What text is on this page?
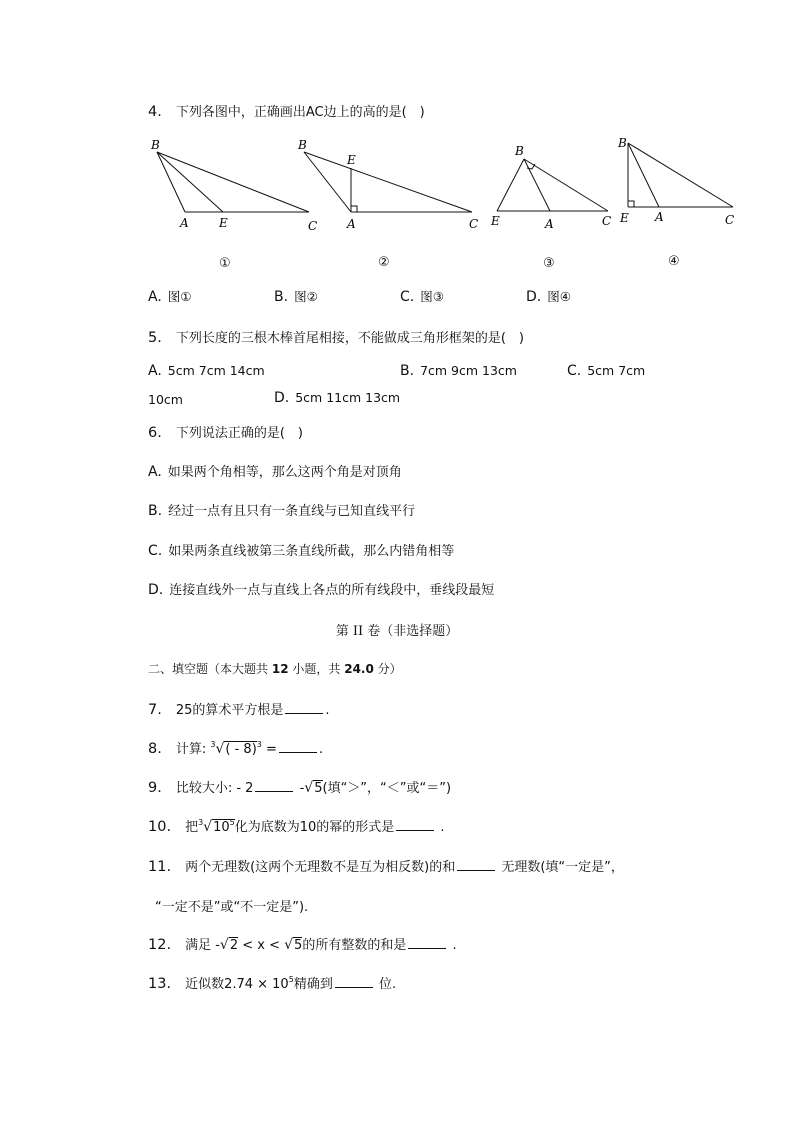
4. 下列各图中，正确画出AC边上的高的是(　)
B
A	E	C
B
E
A	C
B
E	A	C
B
E A	C
①	②	③	④
A. 图①	B. 图②	C. 图③	D. 图④
5. 下列长度的三根木棒首尾相接，不能做成三角形框架的是(　)
A. 5cm 7cm 14cm	B. 7cm 9cm 13cm	C. 5cm 7cm
10cm	D. 5cm 11cm 13cm
6. 下列说法正确的是(　)
A. 如果两个角相等，那么这两个角是对顶角
B. 经过一点有且只有一条直线与已知直线平行
C. 如果两条直线被第三条直线所截，那么内错角相等
D. 连接直线外一点与直线上各点的所有线段中，垂线段最短
第 II 卷（非选择题）
二、填空题（本大题共 12 小题，共 24.0 分）
7. 25的算术平方根是	.
8. 计算: $^3$√( - 8)$^3$ =	.
9. 比较大小: - 2	-√5(填“＞”，“＜”或“＝”)
10. 把$^3√10^5$化为底数为10的幂的形式是	.
11. 两个无理数(这两个无理数不是互为相反数)的和	无理数(填“一定是”，
“一定不是”或“不一定是”).
12. 满足 -√2 < x < √5的所有整数的和是	.
13. 近似数$2.74 \times 10^5$精确到	位.
